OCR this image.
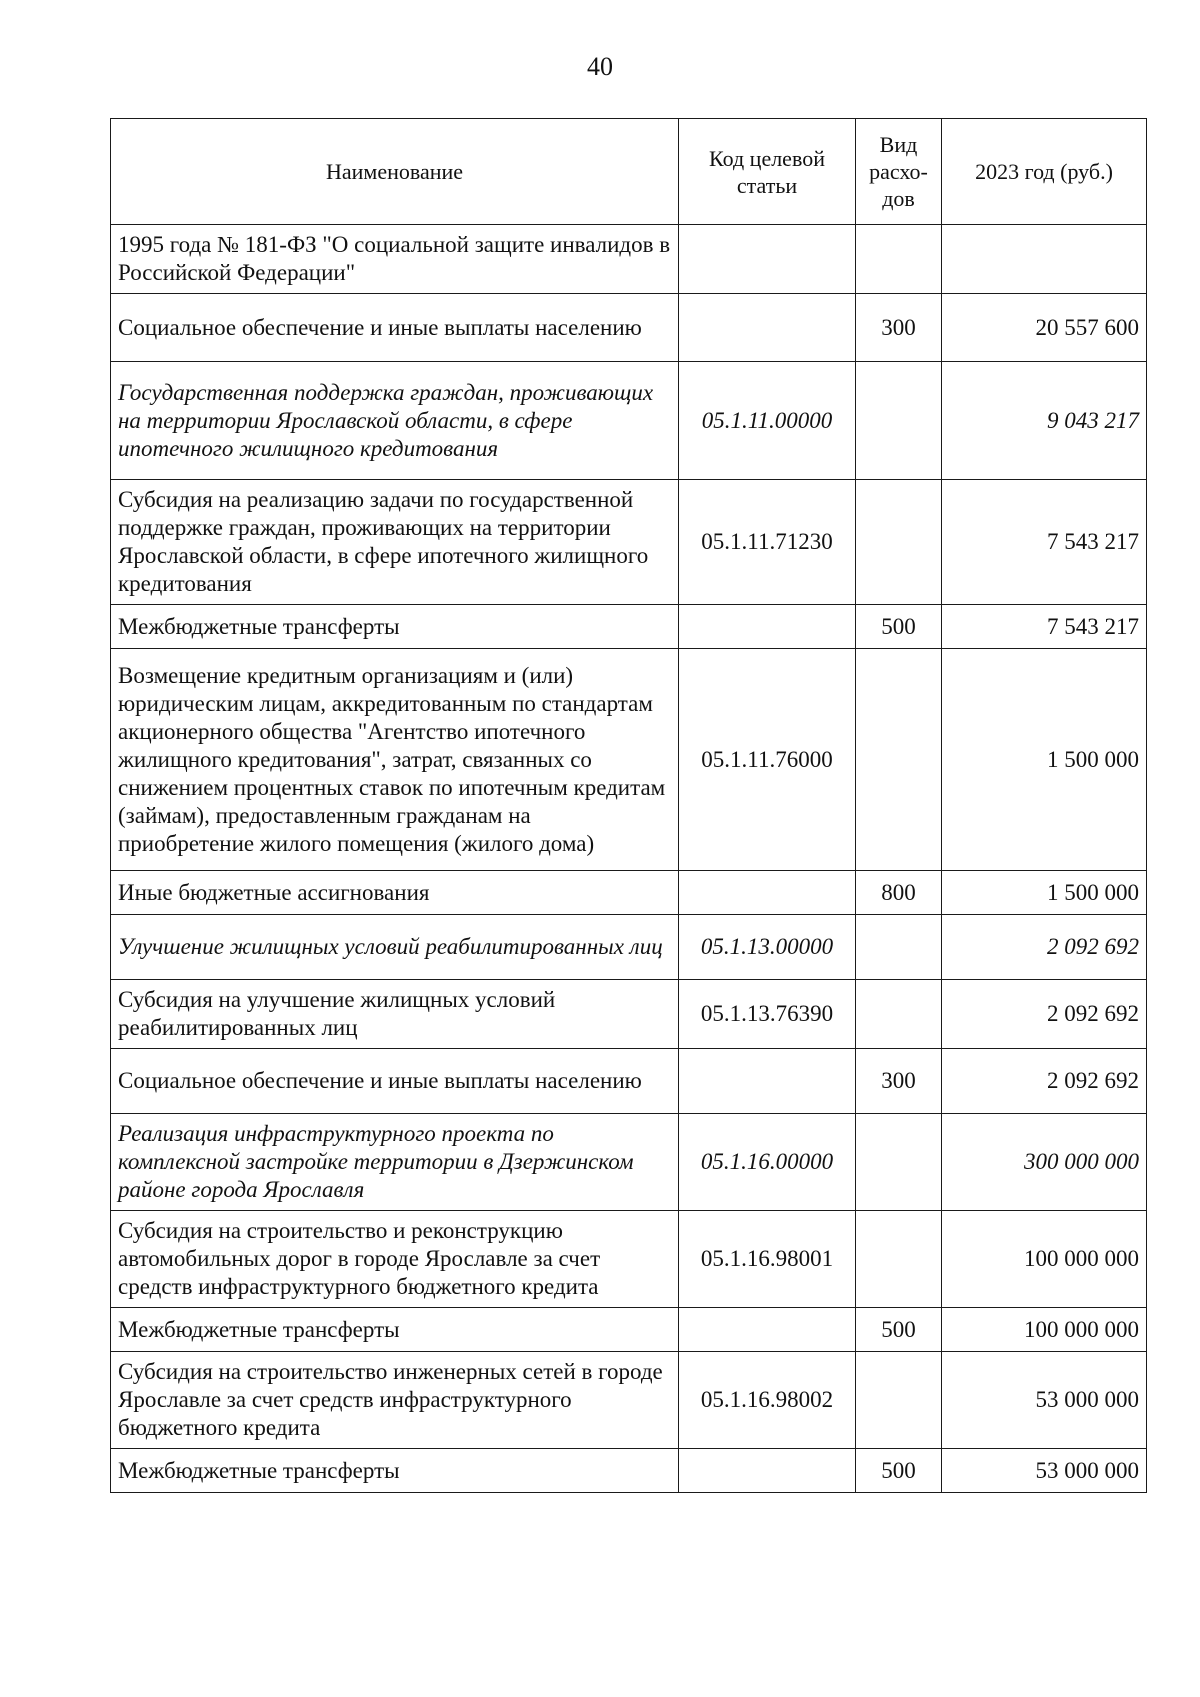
40
Наименование	Код целевой статьи	Вид расхо-дов	2023 год (руб.)
1995 года № 181-ФЗ "О социальной защите инвалидов в Российской Федерации"			
Социальное обеспечение и иные выплаты населению		300	20 557 600
Государственная поддержка граждан, проживающих на территории Ярославской области, в сфере ипотечного жилищного кредитования	05.1.11.00000		9 043 217
Субсидия на реализацию задачи по государственной поддержке граждан, проживающих на территории Ярославской области, в сфере ипотечного жилищного кредитования	05.1.11.71230		7 543 217
Межбюджетные трансферты		500	7 543 217
Возмещение кредитным организациям и (или) юридическим лицам, аккредитованным по стандартам акционерного общества "Агентство ипотечного жилищного кредитования", затрат, связанных со снижением процентных ставок по ипотечным кредитам (займам), предоставленным гражданам на приобретение жилого помещения (жилого дома)	05.1.11.76000		1 500 000
Иные бюджетные ассигнования		800	1 500 000
Улучшение жилищных условий реабилитированных лиц	05.1.13.00000		2 092 692
Субсидия на улучшение жилищных условий реабилитированных лиц	05.1.13.76390		2 092 692
Социальное обеспечение и иные выплаты населению		300	2 092 692
Реализация инфраструктурного проекта по комплексной застройке территории в Дзержинском районе города Ярославля	05.1.16.00000		300 000 000
Субсидия на строительство и реконструкцию автомобильных дорог в городе Ярославле за счет средств инфраструктурного бюджетного кредита	05.1.16.98001		100 000 000
Межбюджетные трансферты		500	100 000 000
Субсидия на строительство инженерных сетей в городе Ярославле за счет средств инфраструктурного бюджетного кредита	05.1.16.98002		53 000 000
Межбюджетные трансферты		500	53 000 000
